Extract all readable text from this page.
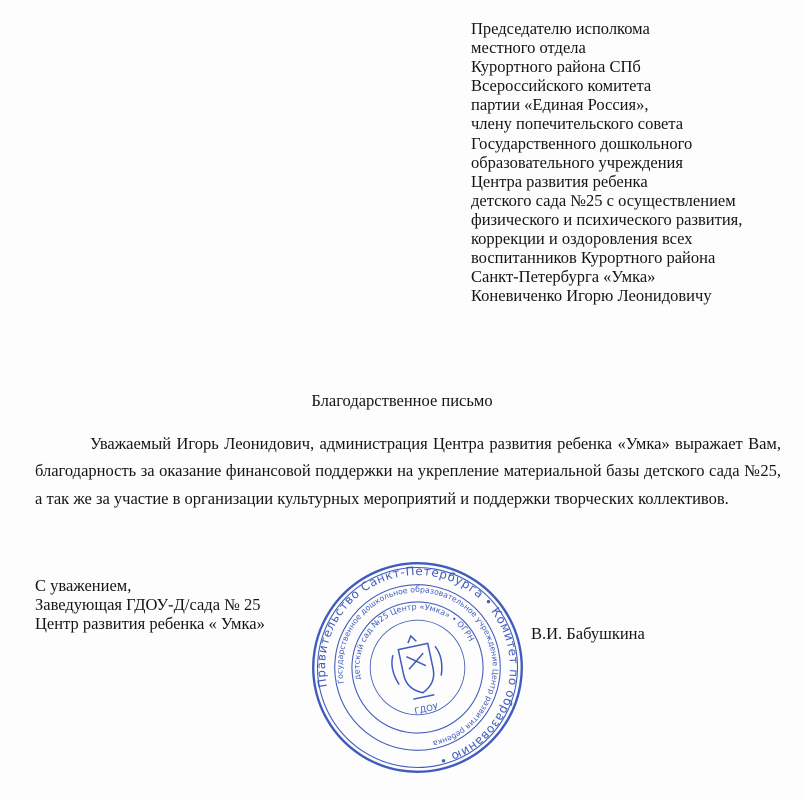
Председателю исполкома
местного отдела
Курортного района СПб
Всероссийского комитета
партии «Единая Россия»,
члену попечительского совета
Государственного дошкольного
образовательного учреждения
Центра развития ребенка
детского сада №25 с осуществлением
физического и психического развития,
коррекции и оздоровления всех
воспитанников Курортного района
Санкт-Петербурга «Умка»
Коневиченко Игорю Леонидовичу
Благодарственное письмо

Уважаемый Игорь Леонидович, администрация Центра развития ребенка «Умка» выражает Вам, благодарность за оказание финансовой поддержки на укрепление материальной базы детского сада №25, а так же за участие в организации культурных мероприятий и поддержки творческих коллективов.

С уважением,
Заведующая ГДОУ-Д/сада № 25
Центр развития ребенка « Умка»
В.И. Бабушкина
Правительство Санкт-Петербурга • Комитет по образованию •
Государственное дошкольное образовательное учреждение Центр развития ребенка
детский сад №25 Центр «Умка» • ОГРН
ГДОУ
